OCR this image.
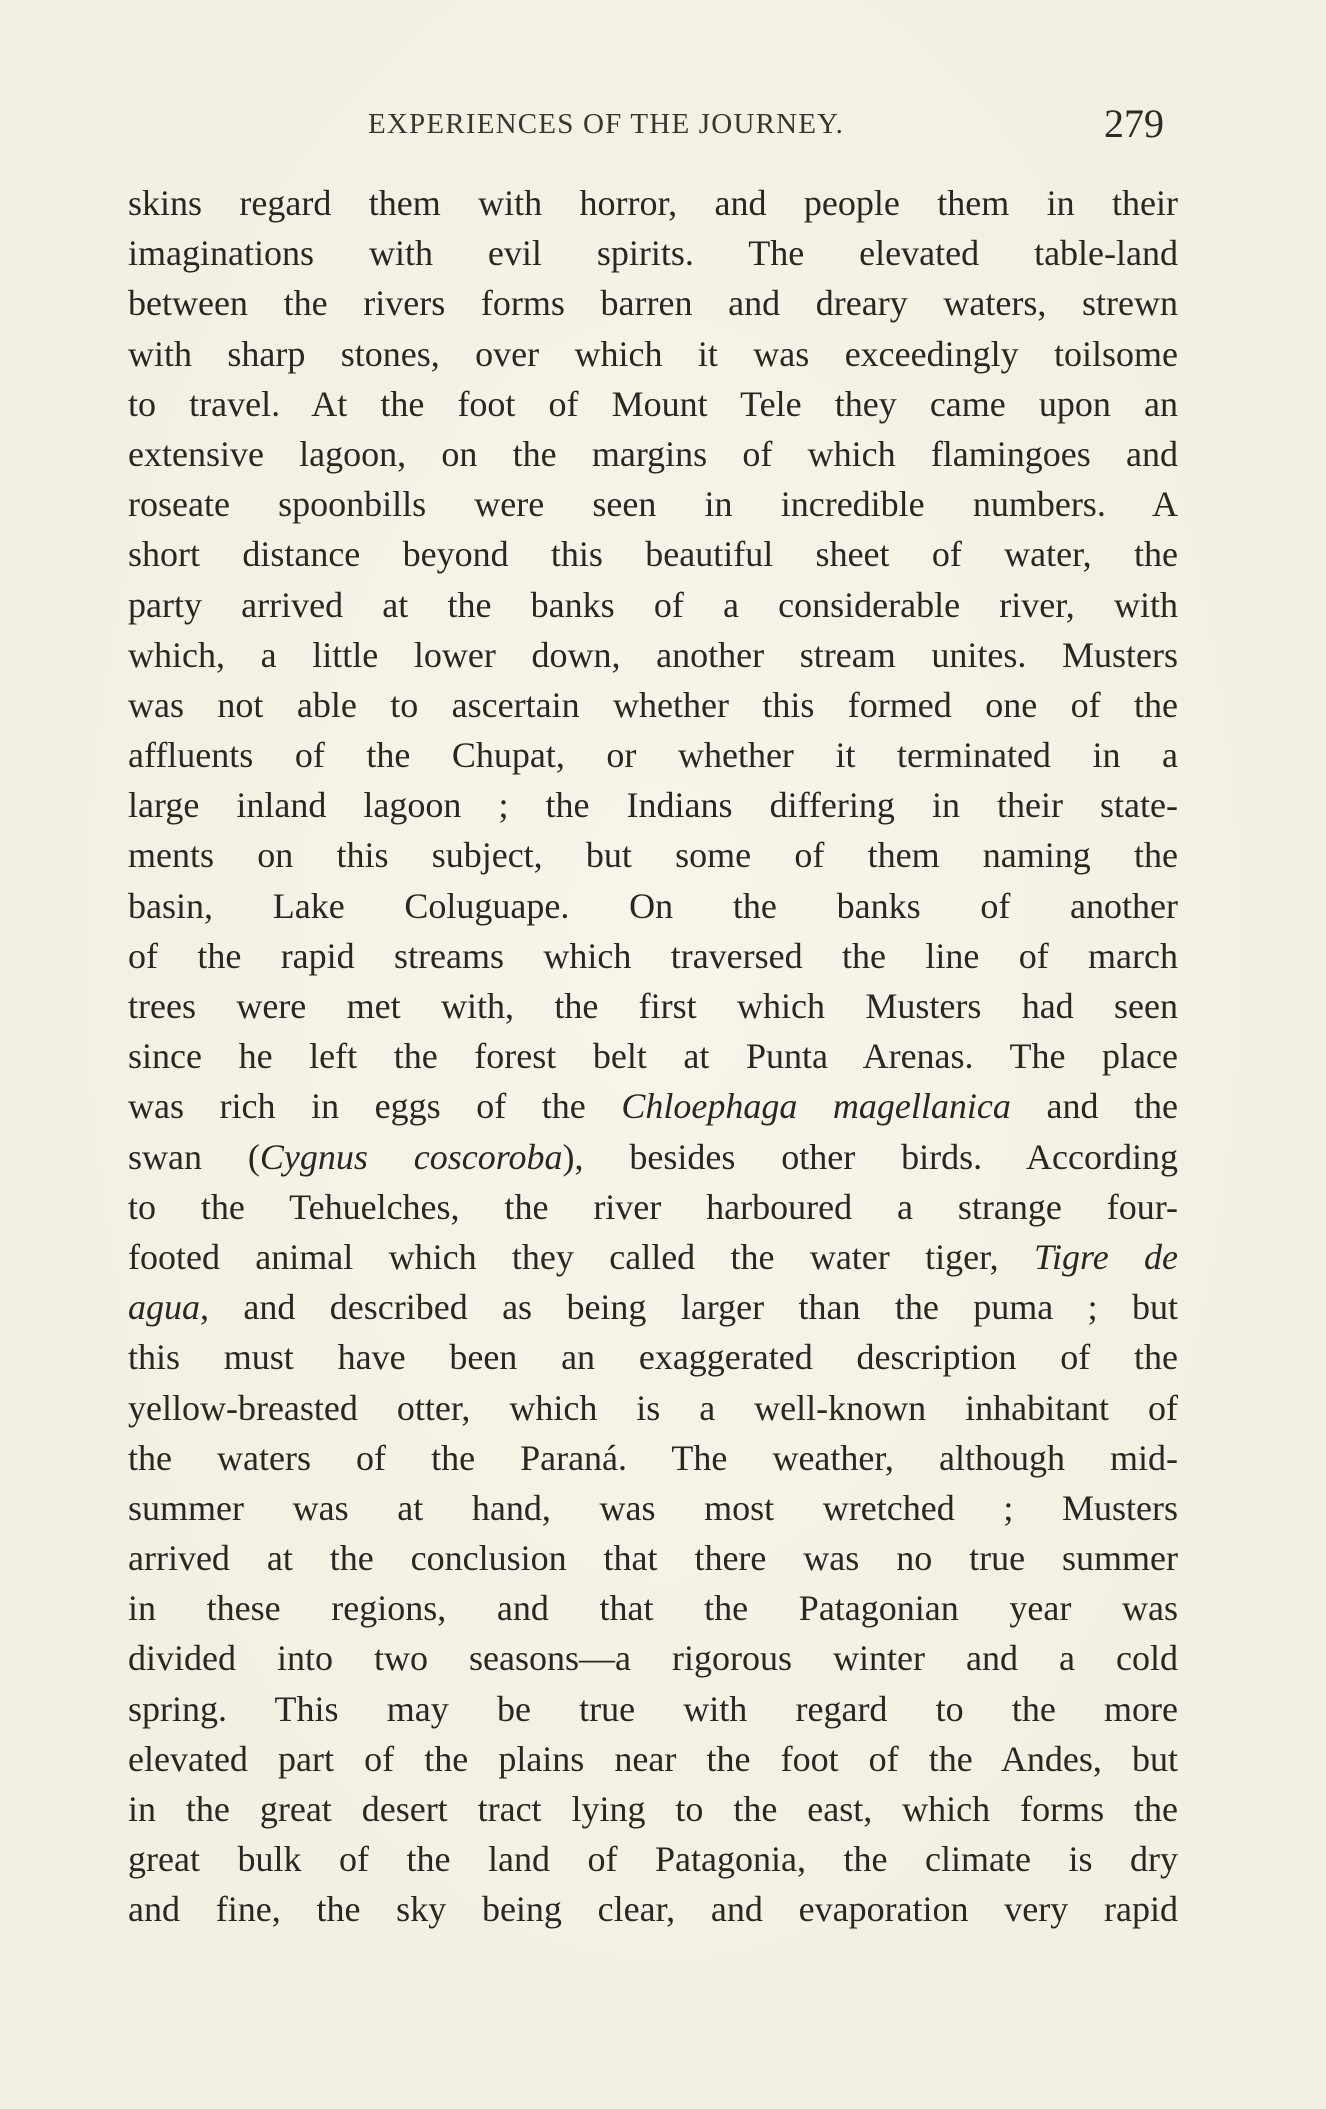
EXPERIENCES OF THE JOURNEY.	279
skins regard them with horror, and people them in their
imaginations with evil spirits. The elevated table-land
between the rivers forms barren and dreary waters, strewn
with sharp stones, over which it was exceedingly toilsome
to travel. At the foot of Mount Tele they came upon an
extensive lagoon, on the margins of which flamingoes and
roseate spoonbills were seen in incredible numbers. A
short distance beyond this beautiful sheet of water, the
party arrived at the banks of a considerable river, with
which, a little lower down, another stream unites. Musters
was not able to ascertain whether this formed one of the
affluents of the Chupat, or whether it terminated in a
large inland lagoon ; the Indians differing in their state-
ments on this subject, but some of them naming the
basin, Lake Coluguape. On the banks of another
of the rapid streams which traversed the line of march
trees were met with, the first which Musters had seen
since he left the forest belt at Punta Arenas. The place
was rich in eggs of the Chloephaga magellanica and the
swan (Cygnus coscoroba), besides other birds. According
to the Tehuelches, the river harboured a strange four-
footed animal which they called the water tiger, Tigre de
agua, and described as being larger than the puma ; but
this must have been an exaggerated description of the
yellow-breasted otter, which is a well-known inhabitant of
the waters of the Paraná. The weather, although mid-
summer was at hand, was most wretched ; Musters
arrived at the conclusion that there was no true summer
in these regions, and that the Patagonian year was
divided into two seasons—a rigorous winter and a cold
spring. This may be true with regard to the more
elevated part of the plains near the foot of the Andes, but
in the great desert tract lying to the east, which forms the
great bulk of the land of Patagonia, the climate is dry
and fine, the sky being clear, and evaporation very rapid
